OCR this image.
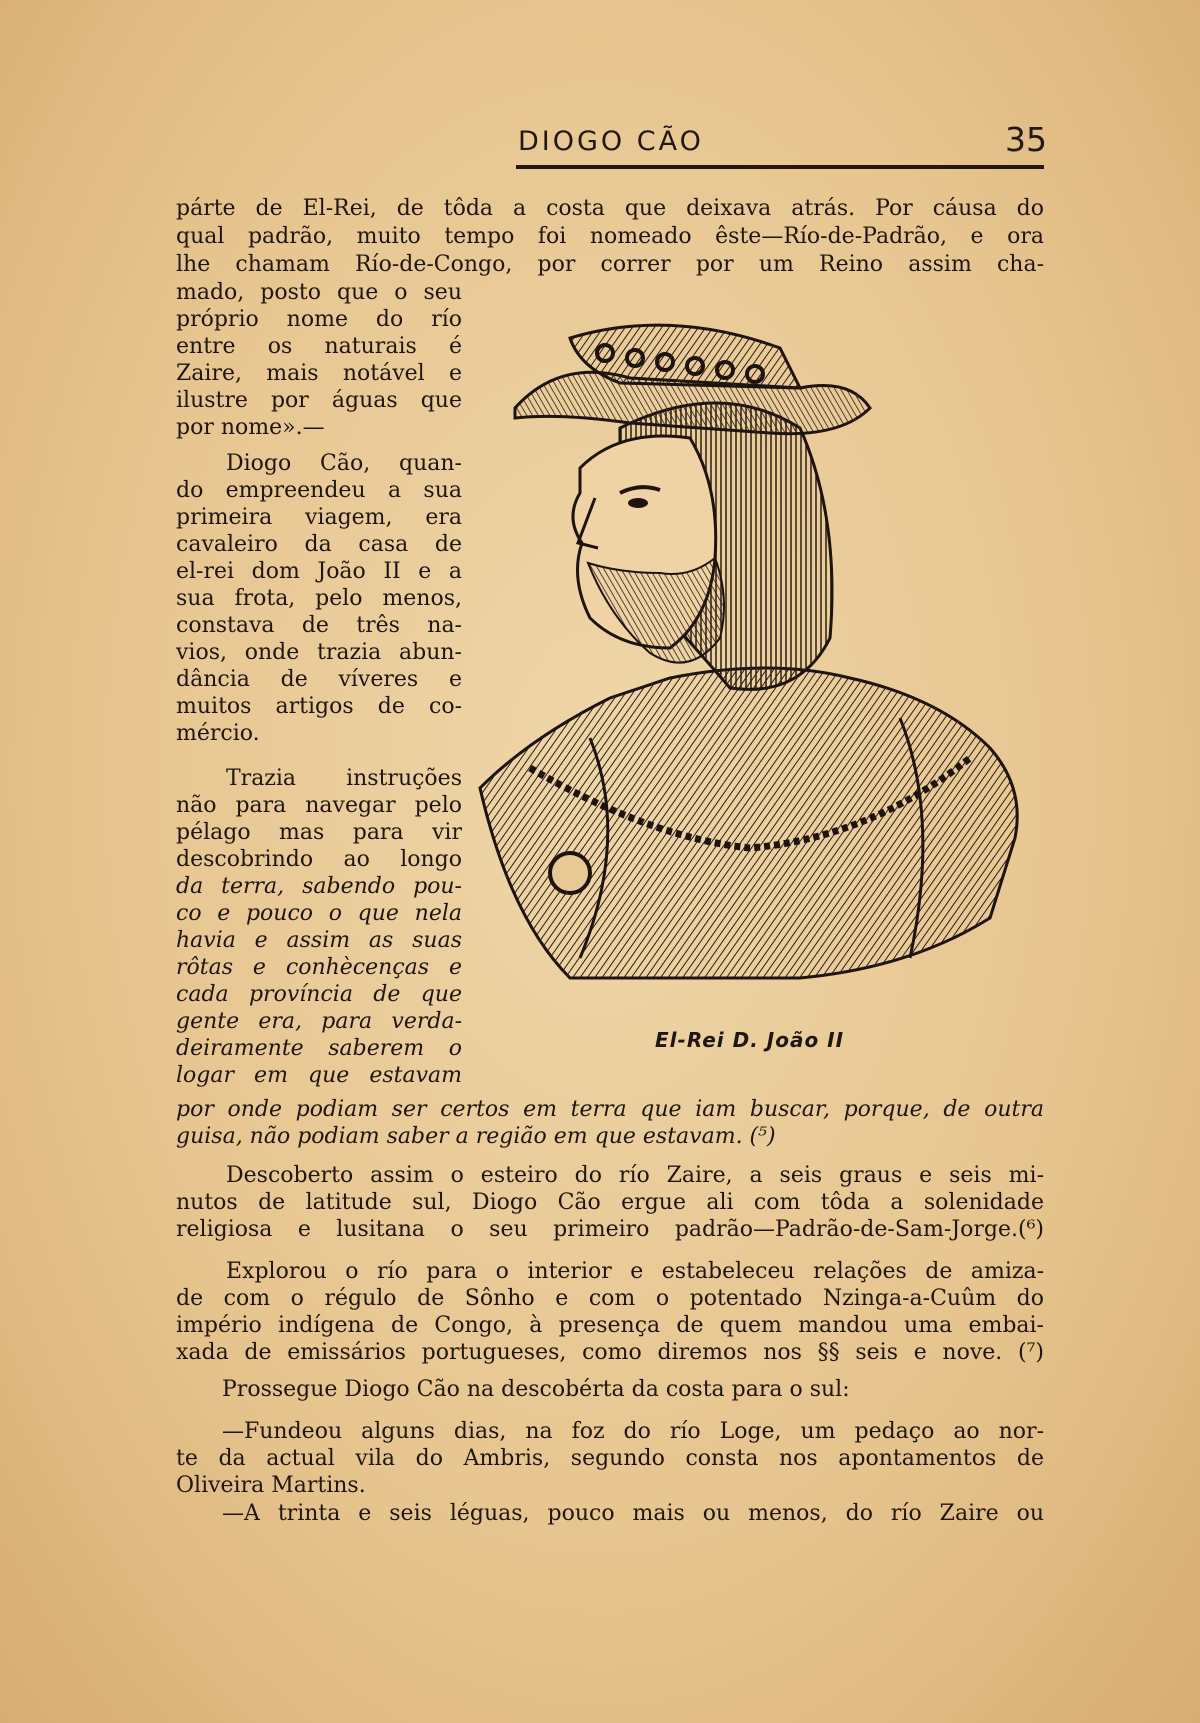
DIOGO CÃO	35
párte de El-Rei, de tôda a costa que deixava atrás. Por cáusa do
qual padrão, muito tempo foi nomeado êste—Río-de-Padrão, e ora
lhe chamam Río-de-Congo, por correr por um Reino assim cha-
mado, posto que o seu
próprio nome do río
entre os naturais é
Zaire, mais notável e
ilustre por águas que
por nome».—
Diogo Cão, quan-
do empreendeu a sua
primeira viagem, era
cavaleiro da casa de
el-rei dom João II e a
sua frota, pelo menos,
constava de três na-
vios, onde trazia abun-
dância de víveres e
muitos artigos de co-
mércio.
Trazia instruções
não para navegar pelo
pélago mas para vir
descobrindo ao longo
da terra, sabendo pou-
co e pouco o que nela
havia e assim as suas
rôtas e conhècenças e
cada província de que
gente era, para verda-
deiramente saberem o
logar em que estavam
por onde podiam ser certos em terra que iam buscar, porque, de outra
guisa, não podiam saber a região em que estavam. (⁵)
Descoberto assim o esteiro do río Zaire, a seis graus e seis mi-
nutos de latitude sul, Diogo Cão ergue ali com tôda a solenidade
religiosa e lusitana o seu primeiro padrão—Padrão-de-Sam-Jorge.(⁶)
Explorou o río para o interior e estabeleceu relações de amiza-
de com o régulo de Sônho e com o potentado Nzinga-a-Cuûm do
império indígena de Congo, à presença de quem mandou uma embai-
xada de emissários portugueses, como diremos nos §§ seis e nove. (⁷)
Prossegue Diogo Cão na descobérta da costa para o sul:
—Fundeou alguns dias, na foz do río Loge, um pedaço ao nor-
te da actual vila do Ambris, segundo consta nos apontamentos de
Oliveira Martins.
—A trinta e seis léguas, pouco mais ou menos, do río Zaire ou
El-Rei D. João II
